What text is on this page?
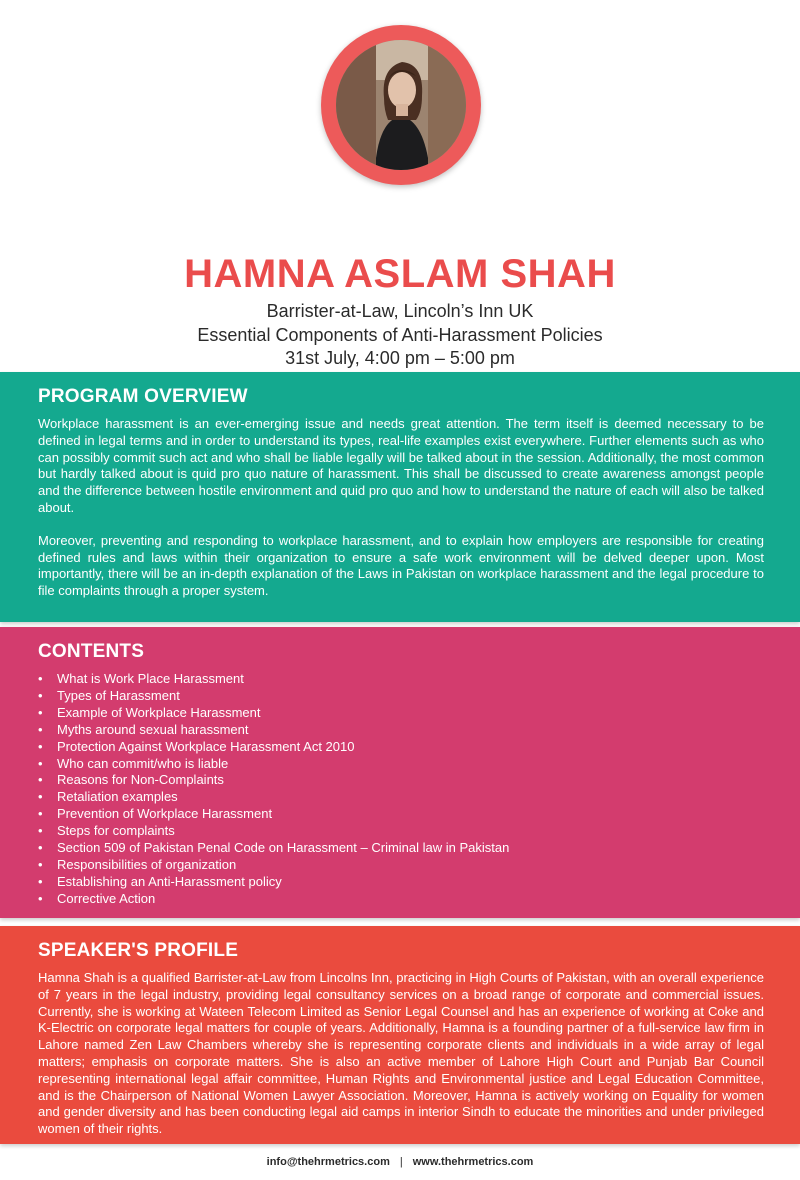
HAMNA ASLAM SHAH
Barrister-at-Law, Lincoln’s Inn UK
Essential Components of Anti-Harassment Policies
31st July, 4:00 pm – 5:00 pm
PROGRAM OVERVIEW

Workplace harassment is an ever-emerging issue and needs great attention. The term itself is deemed necessary to be defined in legal terms and in order to understand its types, real-life examples exist everywhere. Further elements such as who can possibly commit such act and who shall be liable legally will be talked about in the session. Additionally, the most common but hardly talked about is quid pro quo nature of harassment. This shall be discussed to create awareness amongst people and the difference between hostile environment and quid pro quo and how to understand the nature of each will also be talked about.

Moreover, preventing and responding to workplace harassment, and to explain how employers are responsible for creating defined rules and laws within their organization to ensure a safe work environment will be delved deeper upon. Most importantly, there will be an in-depth explanation of the Laws in Pakistan on workplace harassment and the legal procedure to file complaints through a proper system.

CONTENTS
• What is Work Place Harassment
• Types of Harassment
• Example of Workplace Harassment
• Myths around sexual harassment
• Protection Against Workplace Harassment Act 2010
• Who can commit/who is liable
• Reasons for Non-Complaints
• Retaliation examples
• Prevention of Workplace Harassment
• Steps for complaints
• Section 509 of Pakistan Penal Code on Harassment – Criminal law in Pakistan
• Responsibilities of organization
• Establishing an Anti-Harassment policy
• Corrective Action
SPEAKER'S PROFILE

Hamna Shah is a qualified Barrister-at-Law from Lincolns Inn, practicing in High Courts of Pakistan, with an overall experience of 7 years in the legal industry, providing legal consultancy services on a broad range of corporate and commercial issues. Currently, she is working at Wateen Telecom Limited as Senior Legal Counsel and has an experience of working at Coke and K-Electric on corporate legal matters for couple of years. Additionally, Hamna is a founding partner of a full-service law firm in Lahore named Zen Law Chambers whereby she is representing corporate clients and individuals in a wide array of legal matters; emphasis on corporate matters. She is also an active member of Lahore High Court and Punjab Bar Council representing international legal affair committee, Human Rights and Environmental justice and Legal Education Committee, and is the Chairperson of National Women Lawyer Association. Moreover, Hamna is actively working on Equality for women and gender diversity and has been conducting legal aid camps in interior Sindh to educate the minorities and under privileged women of their rights.

info@thehrmetrics.com | www.thehrmetrics.com
